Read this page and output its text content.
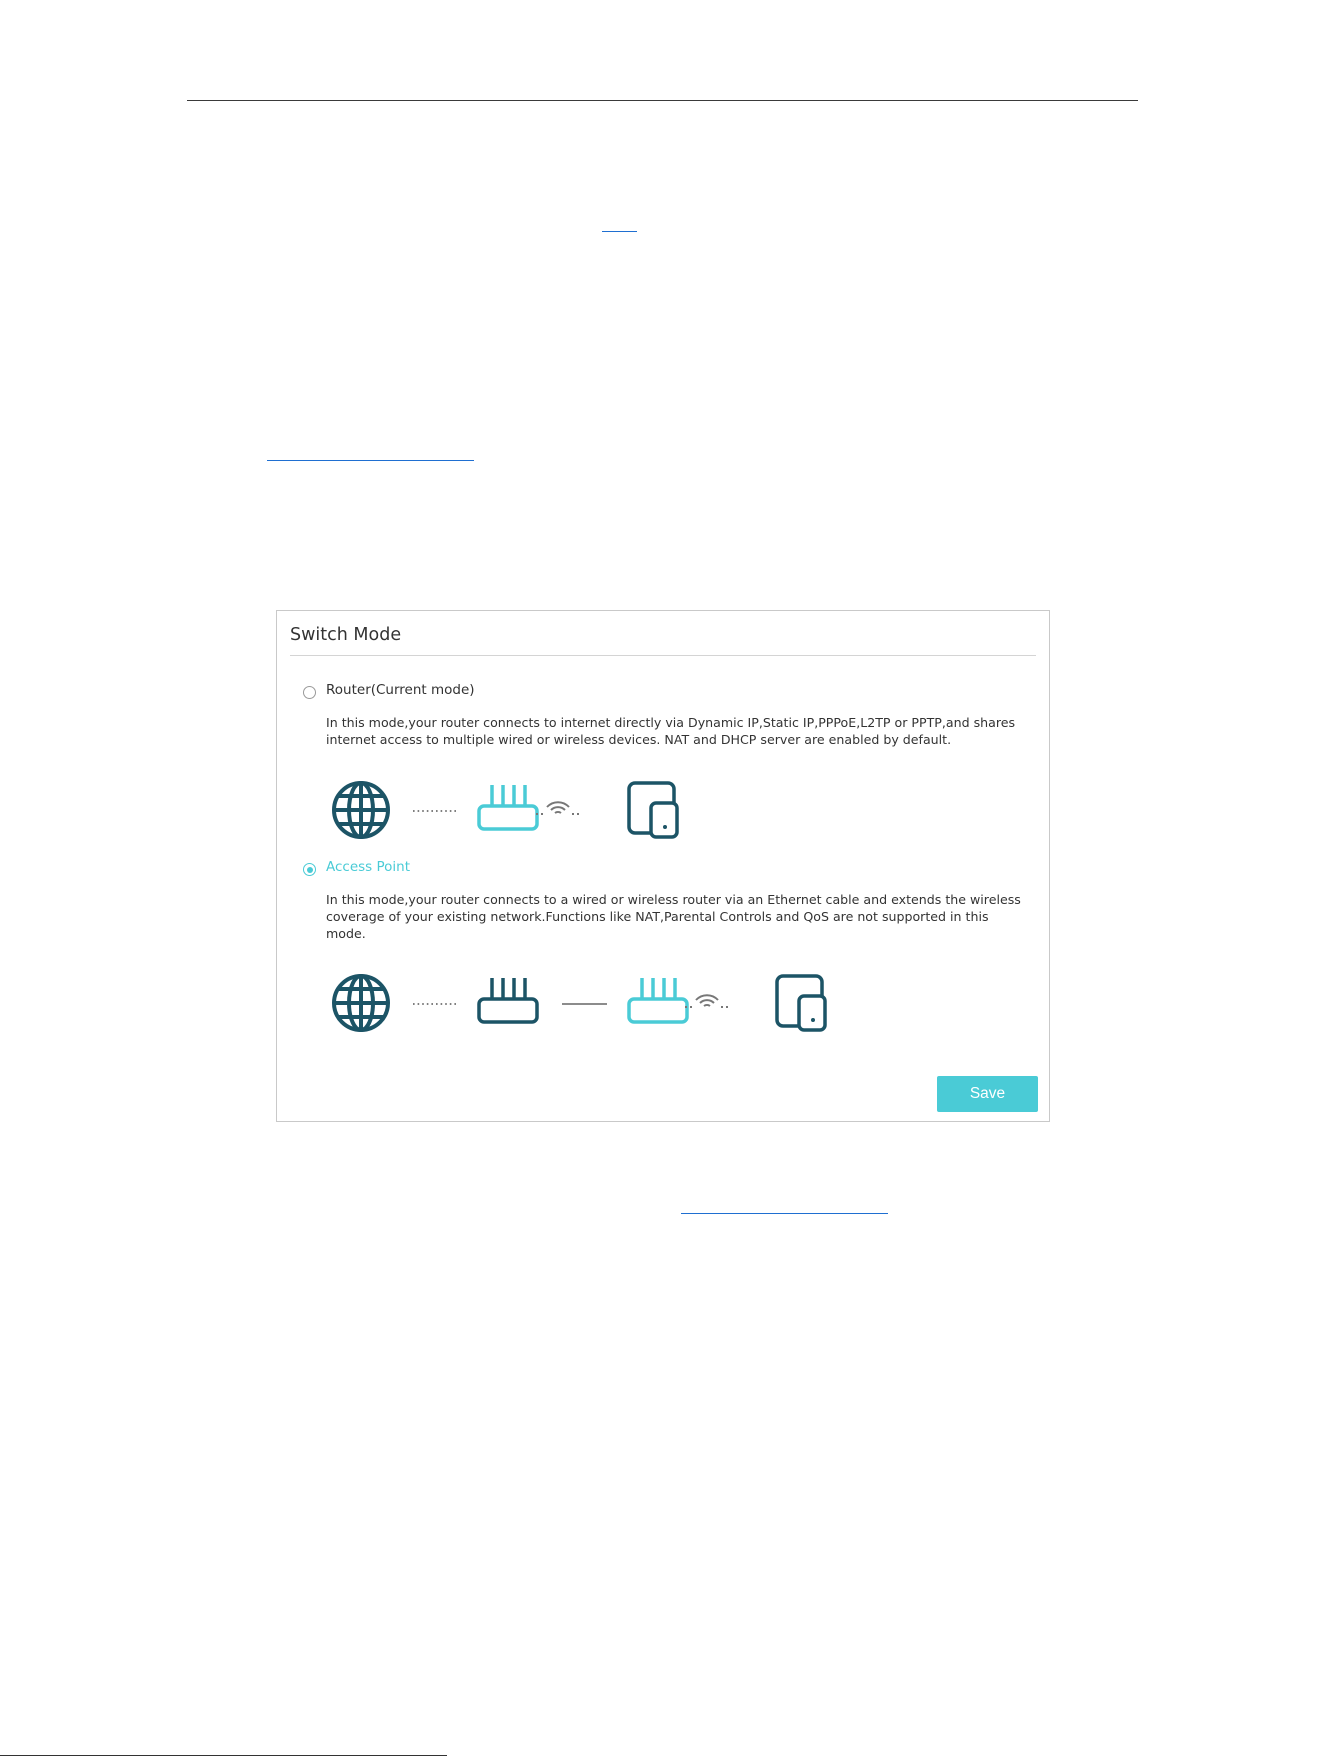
Switch Mode
Router(Current mode)

In this mode,your router connects to internet directly via Dynamic IP,Static IP,PPPoE,L2TP or PPTP,and shares internet access to multiple wired or wireless devices. NAT and DHCP server are enabled by default.

Access Point

In this mode,your router connects to a wired or wireless router via an Ethernet cable and extends the wireless coverage of your existing network.Functions like NAT,Parental Controls and QoS are not supported in this mode.

Save
